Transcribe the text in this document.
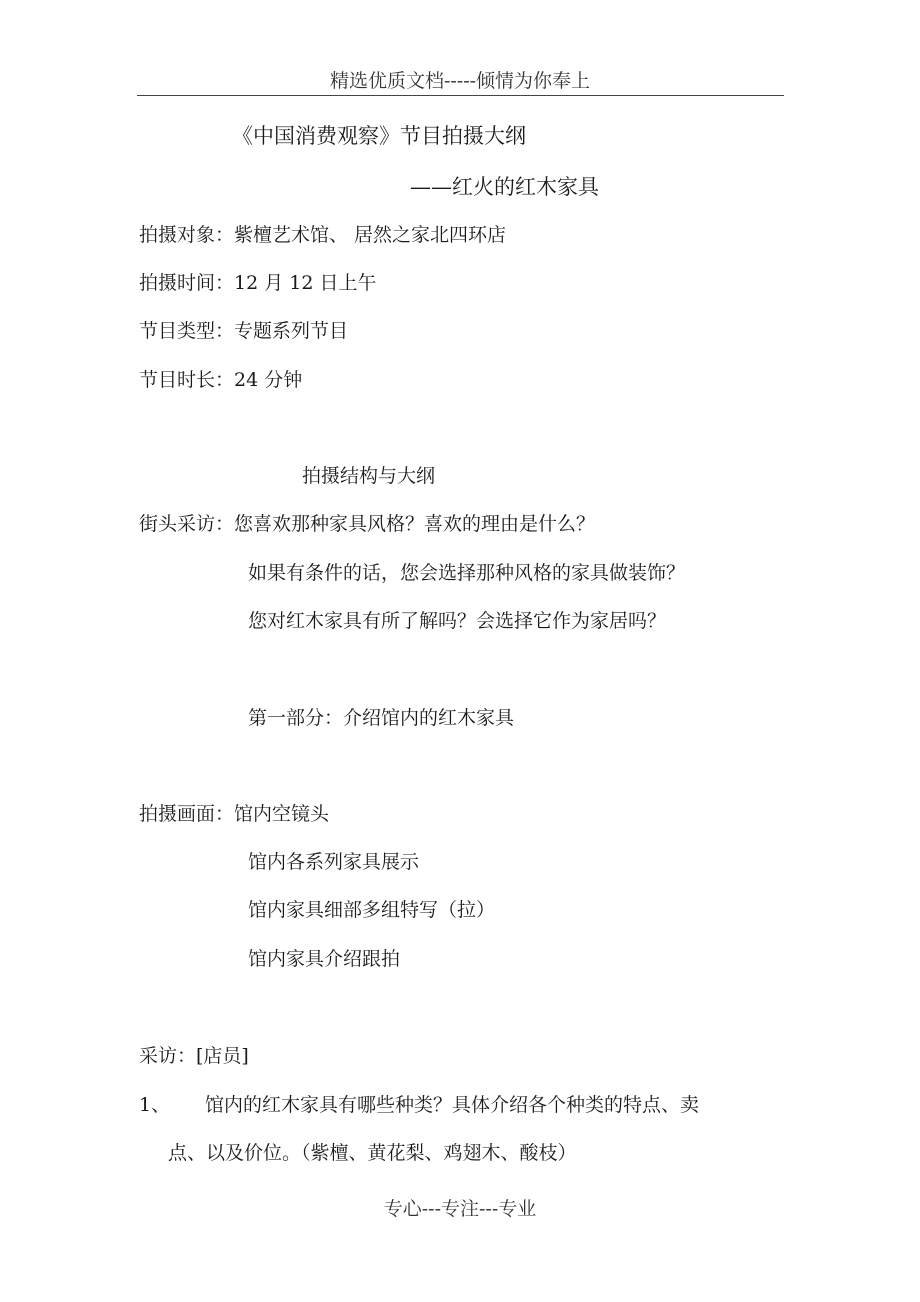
精选优质文档-----倾情为你奉上
《中国消费观察》节目拍摄大纲
——红火的红木家具
拍摄对象：紫檀艺术馆、 居然之家北四环店
拍摄时间：12 月 12 日上午
节目类型：专题系列节目
节目时长：24 分钟
拍摄结构与大纲
街头采访：您喜欢那种家具风格？喜欢的理由是什么？
如果有条件的话，您会选择那种风格的家具做装饰？
您对红木家具有所了解吗？会选择它作为家居吗？
第一部分：介绍馆内的红木家具
拍摄画面：馆内空镜头
馆内各系列家具展示
馆内家具细部多组特写（拉）
馆内家具介绍跟拍
采访：[店员]
1、 馆内的红木家具有哪些种类？具体介绍各个种类的特点、卖
点、以及价位。（紫檀、黄花梨、鸡翅木、酸枝）
专心---专注---专业
